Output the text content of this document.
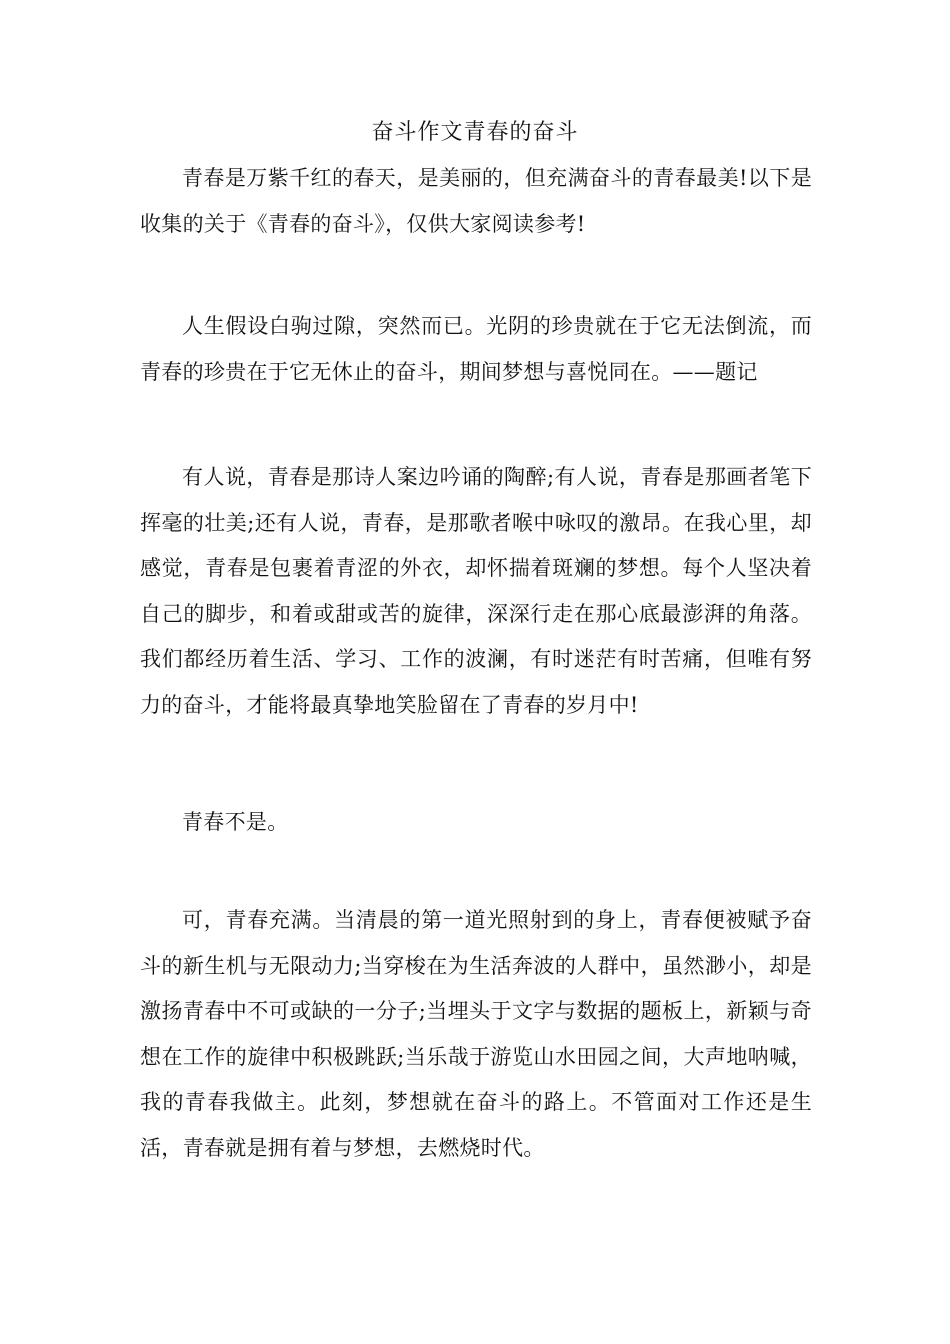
奋斗作文青春的奋斗
青春是万紫千红的春天，是美丽的，但充满奋斗的青春最美!以下是收集的关于《青春的奋斗》，仅供大家阅读参考!
人生假设白驹过隙，突然而已。光阴的珍贵就在于它无法倒流，而青春的珍贵在于它无休止的奋斗，期间梦想与喜悦同在。——题记
有人说，青春是那诗人案边吟诵的陶醉;有人说，青春是那画者笔下挥毫的壮美;还有人说，青春，是那歌者喉中咏叹的激昂。在我心里，却感觉，青春是包裹着青涩的外衣，却怀揣着斑斓的梦想。每个人坚决着自己的脚步，和着或甜或苦的旋律，深深行走在那心底最澎湃的角落。我们都经历着生活、学习、工作的波澜，有时迷茫有时苦痛，但唯有努力的奋斗，才能将最真挚地笑脸留在了青春的岁月中!
青春不是。
可，青春充满。当清晨的第一道光照射到的身上，青春便被赋予奋斗的新生机与无限动力;当穿梭在为生活奔波的人群中，虽然渺小，却是激扬青春中不可或缺的一分子;当埋头于文字与数据的题板上，新颖与奇想在工作的旋律中积极跳跃;当乐哉于游览山水田园之间，大声地呐喊，我的青春我做主。此刻，梦想就在奋斗的路上。不管面对工作还是生活，青春就是拥有着与梦想，去燃烧时代。
